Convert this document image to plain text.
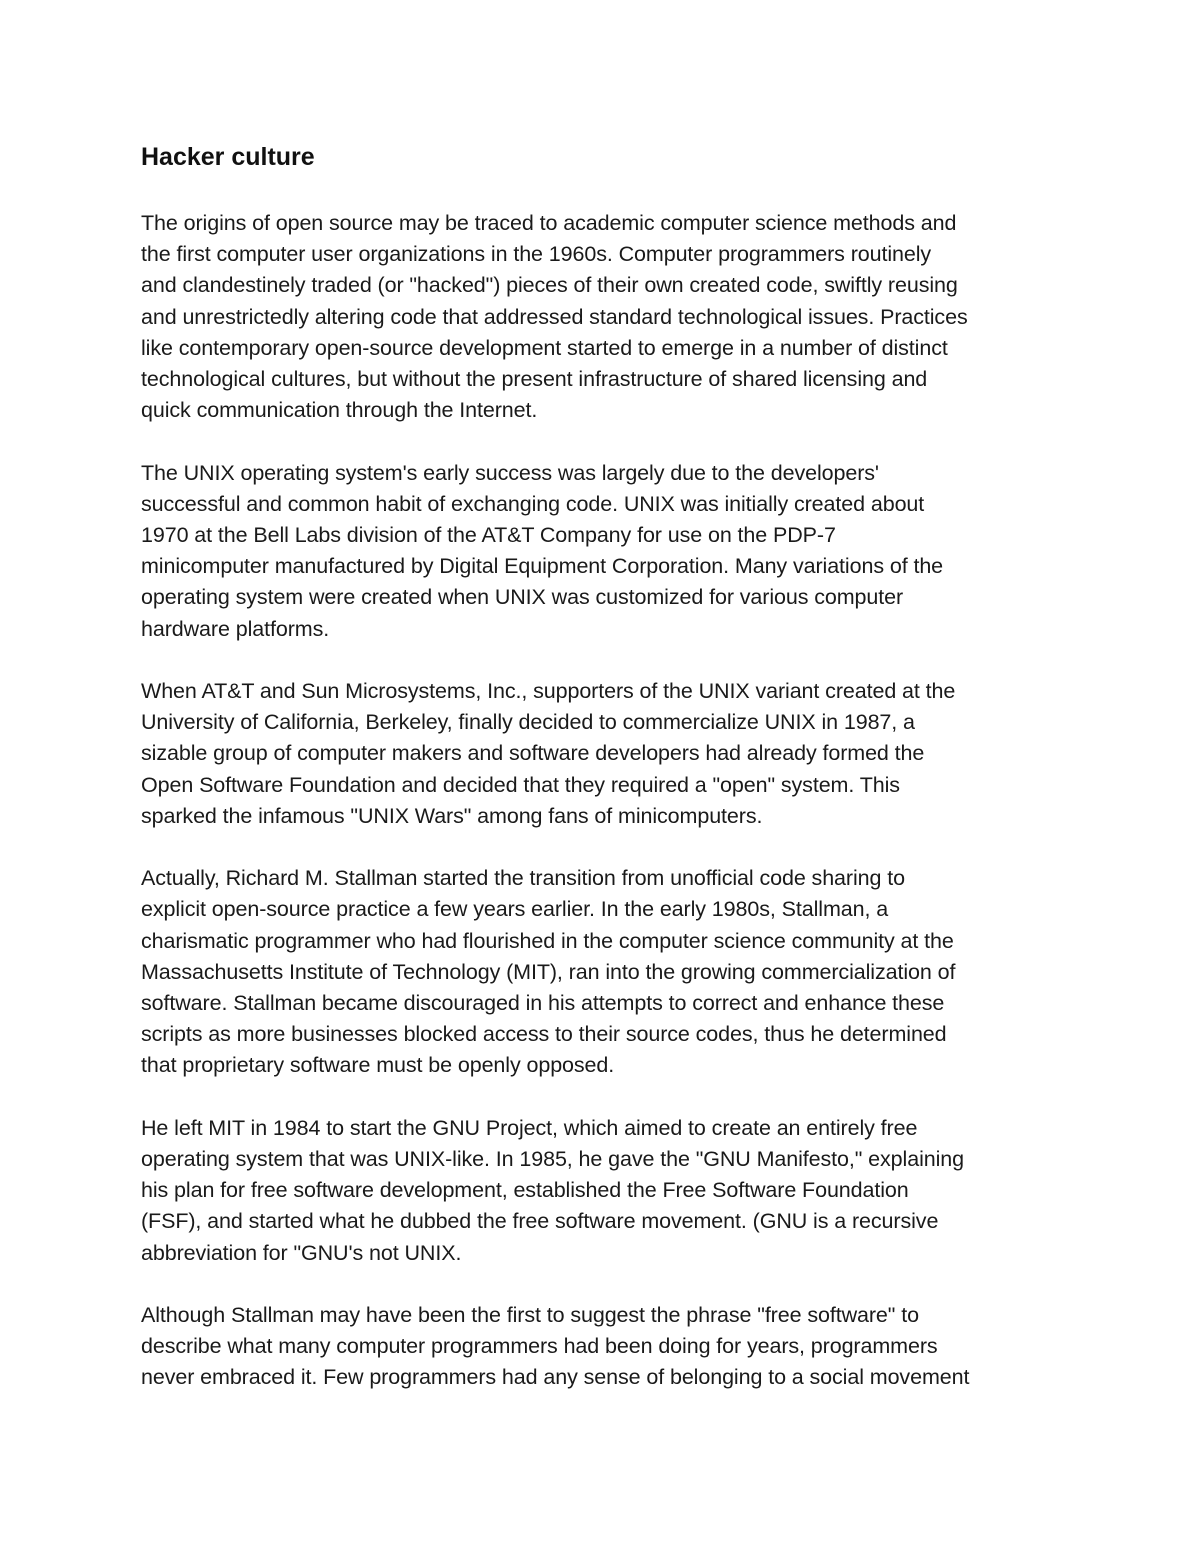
Hacker culture

The origins of open source may be traced to academic computer science methods and
the first computer user organizations in the 1960s. Computer programmers routinely
and clandestinely traded (or "hacked") pieces of their own created code, swiftly reusing
and unrestrictedly altering code that addressed standard technological issues. Practices
like contemporary open-source development started to emerge in a number of distinct
technological cultures, but without the present infrastructure of shared licensing and
quick communication through the Internet.

The UNIX operating system's early success was largely due to the developers'
successful and common habit of exchanging code. UNIX was initially created about
1970 at the Bell Labs division of the AT&T Company for use on the PDP-7
minicomputer manufactured by Digital Equipment Corporation. Many variations of the
operating system were created when UNIX was customized for various computer
hardware platforms.

When AT&T and Sun Microsystems, Inc., supporters of the UNIX variant created at the
University of California, Berkeley, finally decided to commercialize UNIX in 1987, a
sizable group of computer makers and software developers had already formed the
Open Software Foundation and decided that they required a "open" system. This
sparked the infamous "UNIX Wars" among fans of minicomputers.

Actually, Richard M. Stallman started the transition from unofficial code sharing to
explicit open-source practice a few years earlier. In the early 1980s, Stallman, a
charismatic programmer who had flourished in the computer science community at the
Massachusetts Institute of Technology (MIT), ran into the growing commercialization of
software. Stallman became discouraged in his attempts to correct and enhance these
scripts as more businesses blocked access to their source codes, thus he determined
that proprietary software must be openly opposed.

He left MIT in 1984 to start the GNU Project, which aimed to create an entirely free
operating system that was UNIX-like. In 1985, he gave the "GNU Manifesto," explaining
his plan for free software development, established the Free Software Foundation
(FSF), and started what he dubbed the free software movement. (GNU is a recursive
abbreviation for "GNU's not UNIX.

Although Stallman may have been the first to suggest the phrase "free software" to
describe what many computer programmers had been doing for years, programmers
never embraced it. Few programmers had any sense of belonging to a social movement
